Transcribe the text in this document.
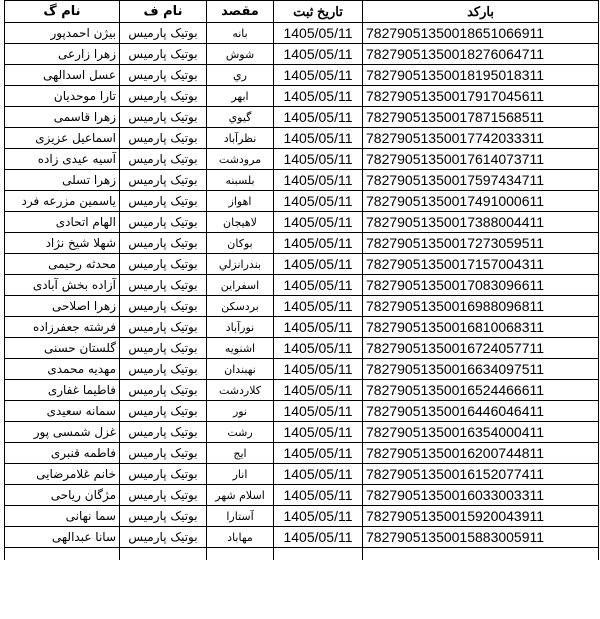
نام گ	نام ف	مقصد	تاریخ ثبت	بارکد
بیژن احمدپور	بوتیک پارمیس	بانه	1405/05/11	78279051350018651066911
زهرا زارعی	بوتیک پارمیس	شوش	1405/05/11	78279051350018276064711
عسل اسدالهی	بوتیک پارمیس	ري	1405/05/11	78279051350018195018311
تارا موحدیان	بوتیک پارمیس	ابهر	1405/05/11	78279051350017917045611
زهرا قاسمی	بوتیک پارمیس	گيوي	1405/05/11	78279051350017871568511
اسماعیل عزیزی	بوتیک پارمیس	نظرآباد	1405/05/11	78279051350017742033311
آسیه عیدی زاده	بوتیک پارمیس	مرودشت	1405/05/11	78279051350017614073711
زهرا تسلی	بوتیک پارمیس	بلسبنه	1405/05/11	78279051350017597434711
یاسمین مزرعه فرد	بوتیک پارمیس	اهواز	1405/05/11	78279051350017491000611
الهام اتحادی	بوتیک پارمیس	لاهيجان	1405/05/11	78279051350017388004411
شهلا شیخ نژاد	بوتیک پارمیس	بوكان	1405/05/11	78279051350017273059511
محدثه رحیمی	بوتیک پارمیس	بندرانزلي	1405/05/11	78279051350017157004311
آزاده بخش آبادی	بوتیک پارمیس	اسفراين	1405/05/11	78279051350017083096611
زهرا اصلاحی	بوتیک پارمیس	بردسكن	1405/05/11	78279051350016988096811
فرشته جعفرزاده	بوتیک پارمیس	نورآباد	1405/05/11	78279051350016810068311
گلستان حسنی	بوتیک پارمیس	اشنويه	1405/05/11	78279051350016724057711
مهدیه محمدی	بوتیک پارمیس	نهبندان	1405/05/11	78279051350016634097511
فاطیما غفاری	بوتیک پارمیس	كلاردشت	1405/05/11	78279051350016524466611
سمانه سعیدی	بوتیک پارمیس	نور	1405/05/11	78279051350016446046411
غزل شمسی پور	بوتیک پارمیس	رشت	1405/05/11	78279051350016354000411
فاطمه قنبری	بوتیک پارمیس	ايج	1405/05/11	78279051350016200744811
خانم غلامرضایی	بوتیک پارمیس	انار	1405/05/11	78279051350016152077411
مژگان ریاحی	بوتیک پارمیس	اسلام شهر	1405/05/11	78279051350016033003311
سما نهانی	بوتیک پارمیس	آستارا	1405/05/11	78279051350015920043911
سانا عبدالهی	بوتیک پارمیس	مهاباد	1405/05/11	78279051350015883005911
